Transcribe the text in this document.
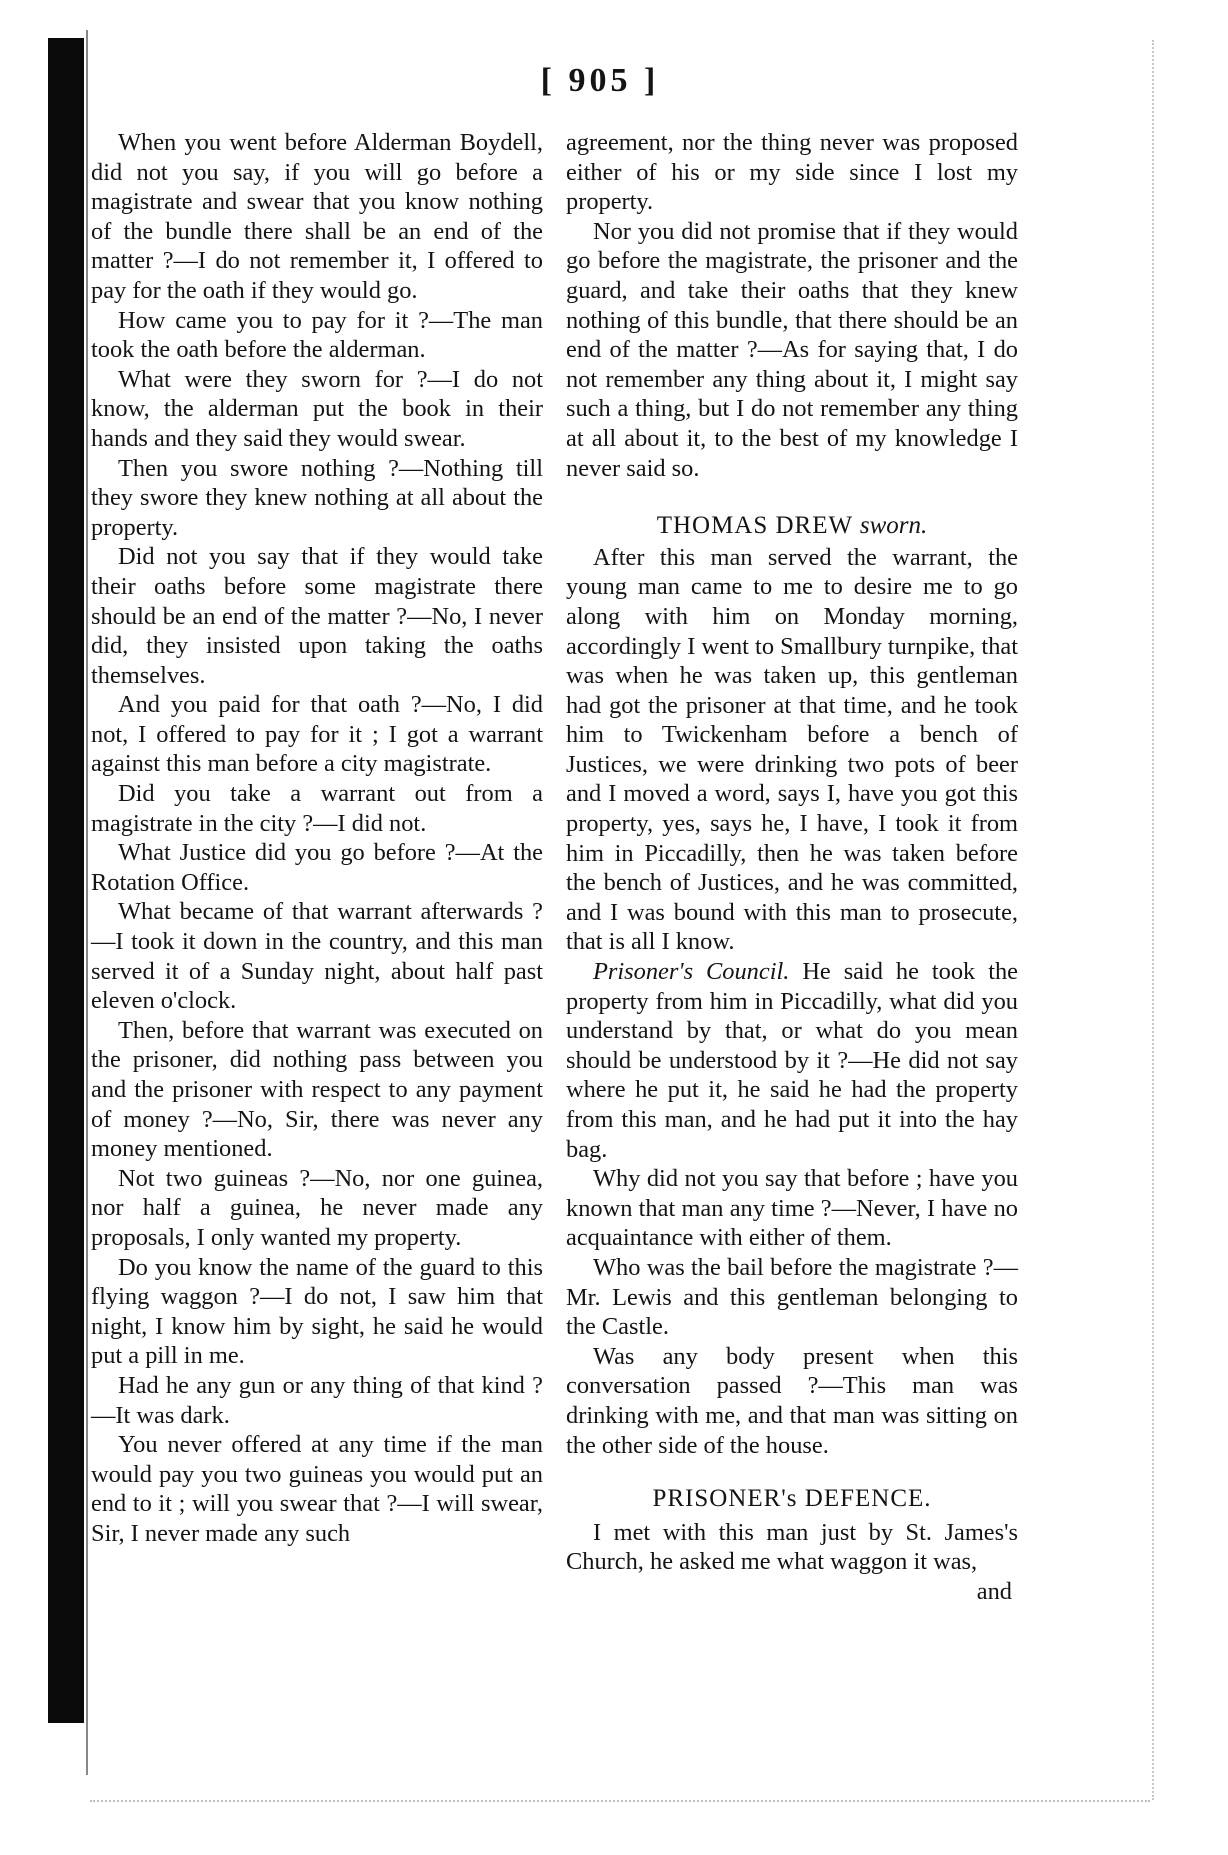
[ 905 ]

When you went before Alderman Boydell, did not you say, if you will go before a magistrate and swear that you know nothing of the bundle there shall be an end of the matter ?—I do not remember it, I offered to pay for the oath if they would go.

How came you to pay for it ?—The man took the oath before the alderman.

What were they sworn for ?—I do not know, the alderman put the book in their hands and they said they would swear.

Then you swore nothing ?—Nothing till they swore they knew nothing at all about the property.

Did not you say that if they would take their oaths before some magistrate there should be an end of the matter ?—No, I never did, they insisted upon taking the oaths themselves.

And you paid for that oath ?—No, I did not, I offered to pay for it ; I got a warrant against this man before a city magistrate.

Did you take a warrant out from a magistrate in the city ?—I did not.

What Justice did you go before ?—At the Rotation Office.

What became of that warrant afterwards ?—I took it down in the country, and this man served it of a Sunday night, about half past eleven o'clock.

Then, before that warrant was executed on the prisoner, did nothing pass between you and the prisoner with respect to any payment of money ?—No, Sir, there was never any money mentioned.

Not two guineas ?—No, nor one guinea, nor half a guinea, he never made any proposals, I only wanted my property.

Do you know the name of the guard to this flying waggon ?—I do not, I saw him that night, I know him by sight, he said he would put a pill in me.

Had he any gun or any thing of that kind ?—It was dark.

You never offered at any time if the man would pay you two guineas you would put an end to it ; will you swear that ?—I will swear, Sir, I never made any such

agreement, nor the thing never was proposed either of his or my side since I lost my property.

Nor you did not promise that if they would go before the magistrate, the prisoner and the guard, and take their oaths that they knew nothing of this bundle, that there should be an end of the matter ?—As for saying that, I do not remember any thing about it, I might say such a thing, but I do not remember any thing at all about it, to the best of my knowledge I never said so.

THOMAS DREW sworn.

After this man served the warrant, the young man came to me to desire me to go along with him on Monday morning, accordingly I went to Smallbury turnpike, that was when he was taken up, this gentleman had got the prisoner at that time, and he took him to Twickenham before a bench of Justices, we were drinking two pots of beer and I moved a word, says I, have you got this property, yes, says he, I have, I took it from him in Piccadilly, then he was taken before the bench of Justices, and he was committed, and I was bound with this man to prosecute, that is all I know.

Prisoner's Council. He said he took the property from him in Piccadilly, what did you understand by that, or what do you mean should be understood by it ?—He did not say where he put it, he said he had the property from this man, and he had put it into the hay bag.

Why did not you say that before ; have you known that man any time ?—Never, I have no acquaintance with either of them.

Who was the bail before the magistrate ?—Mr. Lewis and this gentleman belonging to the Castle.

Was any body present when this conversation passed ?—This man was drinking with me, and that man was sitting on the other side of the house.

PRISONER's DEFENCE.

I met with this man just by St. James's Church, he asked me what waggon it was,

and
